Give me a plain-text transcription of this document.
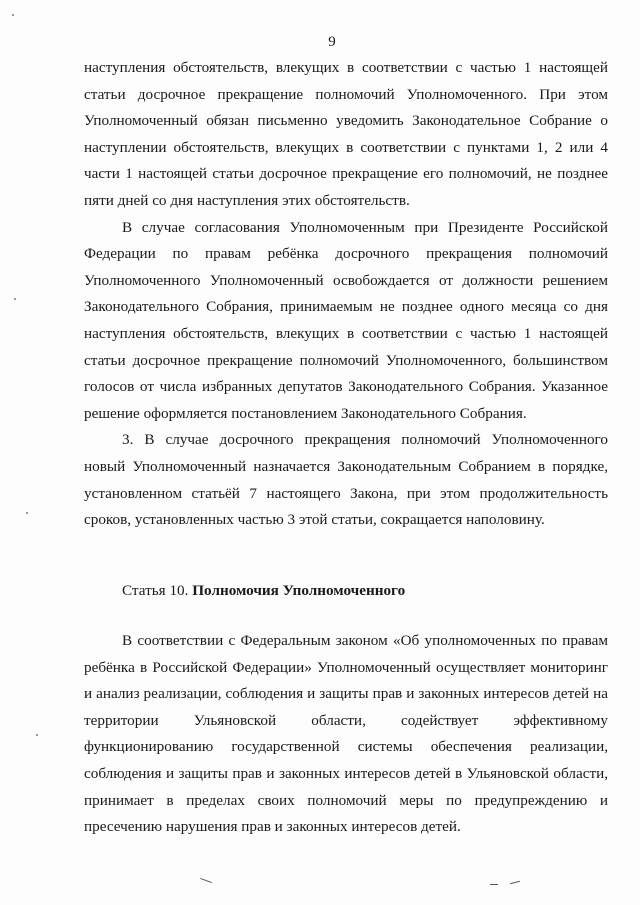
9

наступления обстоятельств, влекущих в соответствии с частью 1 настоящей статьи досрочное прекращение полномочий Уполномоченного. При этом Уполномоченный обязан письменно уведомить Законодательное Собрание о наступлении обстоятельств, влекущих в соответствии с пунктами 1, 2 или 4 части 1 настоящей статьи досрочное прекращение его полномочий, не позднее пяти дней со дня наступления этих обстоятельств.

В случае согласования Уполномоченным при Президенте Российской Федерации по правам ребёнка досрочного прекращения полномочий Уполномоченного Уполномоченный освобождается от должности решением Законодательного Собрания, принимаемым не позднее одного месяца со дня наступления обстоятельств, влекущих в соответствии с частью 1 настоящей статьи досрочное прекращение полномочий Уполномоченного, большинством голосов от числа избранных депутатов Законодательного Собрания. Указанное решение оформляется постановлением Законодательного Собрания.

3. В случае досрочного прекращения полномочий Уполномоченного новый Уполномоченный назначается Законодательным Собранием в порядке, установленном статьёй 7 настоящего Закона, при этом продолжительность сроков, установленных частью 3 этой статьи, сокращается наполовину.

Статья 10. Полномочия Уполномоченного

В соответствии с Федеральным законом «Об уполномоченных по правам ребёнка в Российской Федерации» Уполномоченный осуществляет мониторинг и анализ реализации, соблюдения и защиты прав и законных интересов детей на территории Ульяновской области, содействует эффективному функционированию государственной системы обеспечения реализации, соблюдения и защиты прав и законных интересов детей в Ульяновской области, принимает в пределах своих полномочий меры по предупреждению и пресечению нарушения прав и законных интересов детей.
